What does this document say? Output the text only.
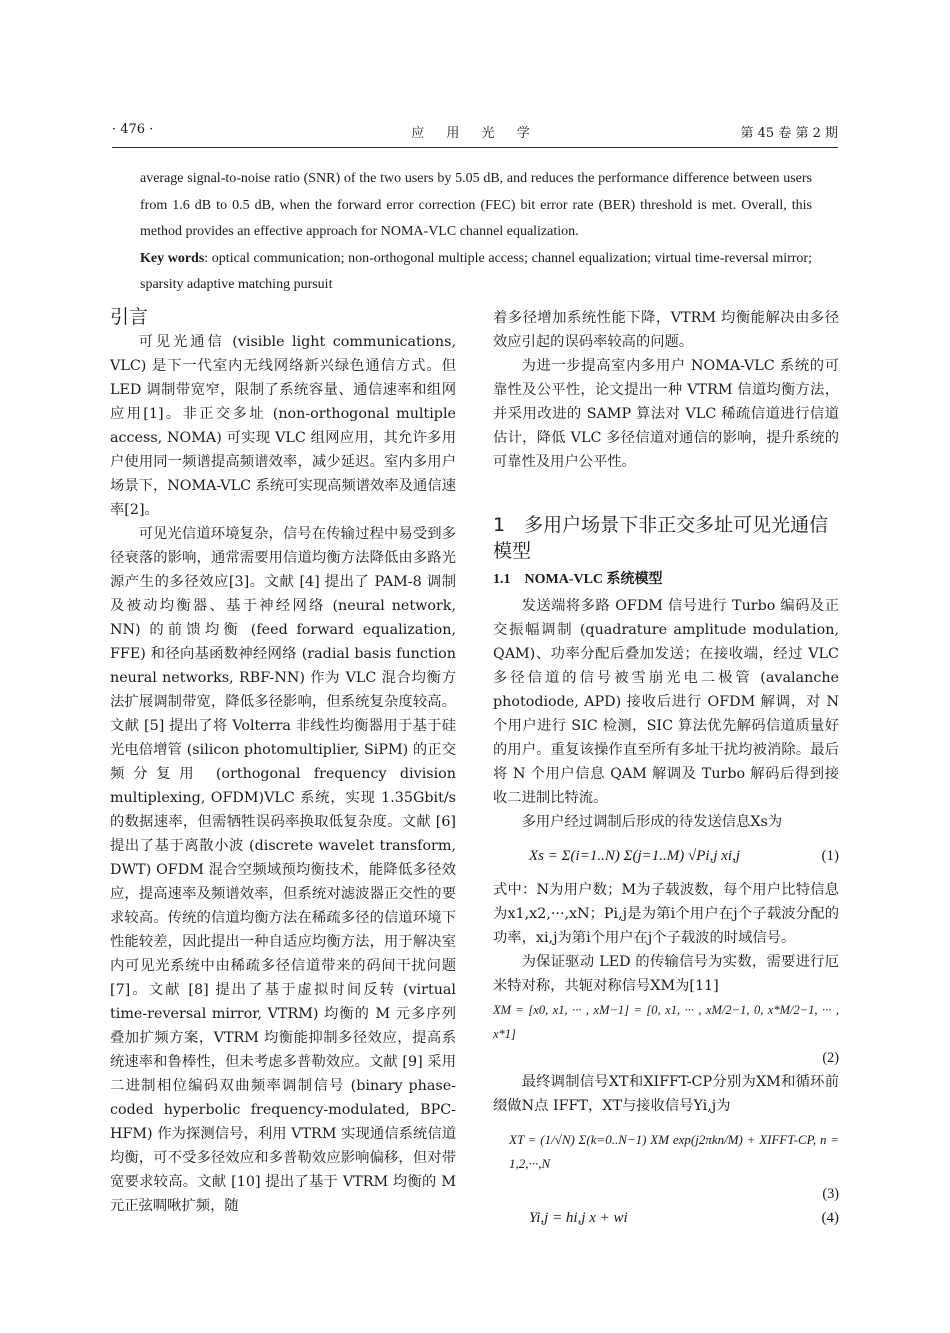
· 476 ·	应 用 光 学	第 45 卷 第 2 期

average signal-to-noise ratio (SNR) of the two users by 5.05 dB, and reduces the performance difference between users from 1.6 dB to 0.5 dB, when the forward error correction (FEC) bit error rate (BER) threshold is met. Overall, this method provides an effective approach for NOMA-VLC channel equalization.

Key words: optical communication; non-orthogonal multiple access; channel equalization; virtual time-reversal mirror; sparsity adaptive matching pursuit

引言

可见光通信 (visible light communications, VLC) 是下一代室内无线网络新兴绿色通信方式。但 LED 调制带宽窄，限制了系统容量、通信速率和组网应用[1]。非正交多址 (non-orthogonal multiple access, NOMA) 可实现 VLC 组网应用，其允许多用户使用同一频谱提高频谱效率，减少延迟。室内多用户场景下，NOMA-VLC 系统可实现高频谱效率及通信速率[2]。

可见光信道环境复杂，信号在传输过程中易受到多径衰落的影响，通常需要用信道均衡方法降低由多路光源产生的多径效应[3]。文献 [4] 提出了 PAM-8 调制及被动均衡器、基于神经网络 (neural network, NN) 的前馈均衡 (feed forward equalization, FFE) 和径向基函数神经网络 (radial basis function neural networks, RBF-NN) 作为 VLC 混合均衡方法扩展调制带宽，降低多径影响，但系统复杂度较高。文献 [5] 提出了将 Volterra 非线性均衡器用于基于硅光电倍增管 (silicon photomultiplier, SiPM) 的正交频分复用 (orthogonal frequency division multiplexing, OFDM)VLC 系统，实现 1.35Gbit/s 的数据速率，但需牺牲误码率换取低复杂度。文献 [6] 提出了基于离散小波 (discrete wavelet transform, DWT) OFDM 混合空频域预均衡技术，能降低多径效应，提高速率及频谱效率，但系统对滤波器正交性的要求较高。传统的信道均衡方法在稀疏多径的信道环境下性能较差，因此提出一种自适应均衡方法，用于解决室内可见光系统中由稀疏多径信道带来的码间干扰问题[7]。文献 [8] 提出了基于虚拟时间反转 (virtual time-reversal mirror, VTRM) 均衡的 M 元多序列叠加扩频方案，VTRM 均衡能抑制多径效应，提高系统速率和鲁棒性，但未考虑多普勒效应。文献 [9] 采用二进制相位编码双曲频率调制信号 (binary phase-coded hyperbolic frequency-modulated, BPC-HFM) 作为探测信号，利用 VTRM 实现通信系统信道均衡，可不受多径效应和多普勒效应影响偏移，但对带宽要求较高。文献 [10] 提出了基于 VTRM 均衡的 M 元正弦啁啾扩频，随

着多径增加系统性能下降，VTRM 均衡能解决由多径效应引起的误码率较高的问题。

为进一步提高室内多用户 NOMA-VLC 系统的可靠性及公平性，论文提出一种 VTRM 信道均衡方法，并采用改进的 SAMP 算法对 VLC 稀疏信道进行信道估计，降低 VLC 多径信道对通信的影响，提升系统的可靠性及用户公平性。

1　多用户场景下非正交多址可见光通信模型

1.1　NOMA-VLC 系统模型

发送端将多路 OFDM 信号进行 Turbo 编码及正交振幅调制 (quadrature amplitude modulation, QAM)、功率分配后叠加发送；在接收端，经过 VLC 多径信道的信号被雪崩光电二极管 (avalanche photodiode, APD) 接收后进行 OFDM 解调，对 N 个用户进行 SIC 检测，SIC 算法优先解码信道质量好的用户。重复该操作直至所有多址干扰均被消除。最后将 N 个用户信息 QAM 解调及 Turbo 解码后得到接收二进制比特流。

多用户经过调制后形成的待发送信息Xs为

Xs = Σ(i=1..N) Σ(j=1..M) √Pi,j xi,j	(1)

式中：N为用户数；M为子载波数，每个用户比特信息为x1,x2,···,xN；Pi,j是为第i个用户在j个子载波分配的功率，xi,j为第i个用户在j个子载波的时域信号。

为保证驱动 LED 的传输信号为实数，需要进行厄米特对称，共轭对称信号XM为[11]

XM = [x0, x1, ··· , xM−1] = [0, x1, ··· , xM/2−1, 0, x*M/2−1, ··· , x*1]
(2)

最终调制信号XT和XIFFT-CP分别为XM和循环前缀做N点 IFFT，XT与接收信号Yi,j为

XT = (1/√N) Σ(k=0..N−1) XM exp(j2πkn/M) + XIFFT-CP, n = 1,2,···,N
(3)
Yi,j = hi,j x + wi	(4)
